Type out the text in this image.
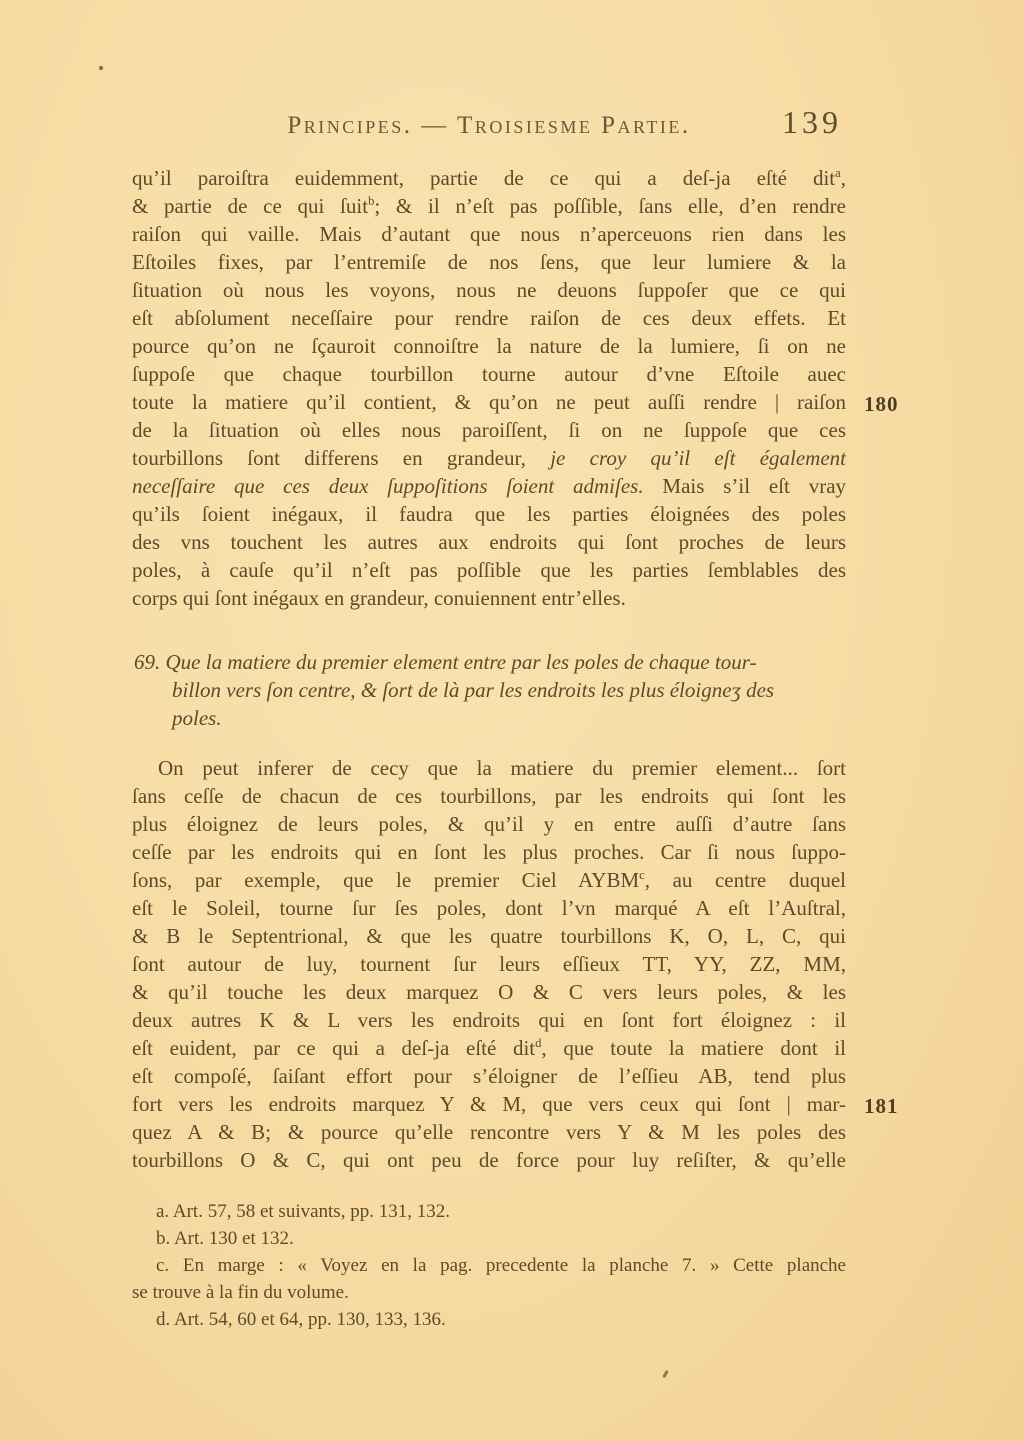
Principes. — Troisiesme Partie.	139
180
181
qu’il paroiſtra euidemment, partie de ce qui a deſ-ja eſté dit$^a$,
& partie de ce qui ſuit$^b$; & il n’eſt pas poſſible, ſans elle, d’en rendre
raiſon qui vaille. Mais d’autant que nous n’aperceuons rien dans les
Eſtoiles fixes, par l’entremiſe de nos ſens, que leur lumiere & la
ſituation où nous les voyons, nous ne deuons ſuppoſer que ce qui
eſt abſolument neceſſaire pour rendre raiſon de ces deux effets. Et
pource qu’on ne ſçauroit connoiſtre la nature de la lumiere, ſi on ne
ſuppoſe que chaque tourbillon tourne autour d’vne Eſtoile auec
toute la matiere qu’il contient, & qu’on ne peut auſſi rendre | raiſon
de la ſituation où elles nous paroiſſent, ſi on ne ſuppoſe que ces
tourbillons ſont differens en grandeur, je croy qu’il eſt également
neceſſaire que ces deux ſuppoſitions ſoient admiſes. Mais s’il eſt vray
qu’ils ſoient inégaux, il faudra que les parties éloignées des poles
des vns touchent les autres aux endroits qui ſont proches de leurs
poles, à cauſe qu’il n’eſt pas poſſible que les parties ſemblables des
corps qui ſont inégaux en grandeur, conuiennent entr’elles.
69. Que la matiere du premier element entre par les poles de chaque tour-
billon vers ſon centre, & ſort de là par les endroits les plus éloigneʒ des
poles.
On peut inferer de cecy que la matiere du premier element... ſort
ſans ceſſe de chacun de ces tourbillons, par les endroits qui ſont les
plus éloignez de leurs poles, & qu’il y en entre auſſi d’autre ſans
ceſſe par les endroits qui en ſont les plus proches. Car ſi nous ſuppo-
ſons, par exemple, que le premier Ciel AYBM$^c$, au centre duquel
eſt le Soleil, tourne ſur ſes poles, dont l’vn marqué A eſt l’Auſtral,
& B le Septentrional, & que les quatre tourbillons K, O, L, C, qui
ſont autour de luy, tournent ſur leurs eſſieux TT, YY, ZZ, MM,
& qu’il touche les deux marquez O & C vers leurs poles, & les
deux autres K & L vers les endroits qui en ſont fort éloignez : il
eſt euident, par ce qui a deſ-ja eſté dit$^d$, que toute la matiere dont il
eſt compoſé, ſaiſant effort pour s’éloigner de l’eſſieu AB, tend plus
fort vers les endroits marquez Y & M, que vers ceux qui ſont | mar-
quez A & B; & pource qu’elle rencontre vers Y & M les poles des
tourbillons O & C, qui ont peu de force pour luy reſiſter, & qu’elle
a. Art. 57, 58 et suivants, pp. 131, 132.
b. Art. 130 et 132.
c. En marge : « Voyez en la pag. precedente la planche 7. » Cette planche
se trouve à la fin du volume.
d. Art. 54, 60 et 64, pp. 130, 133, 136.
